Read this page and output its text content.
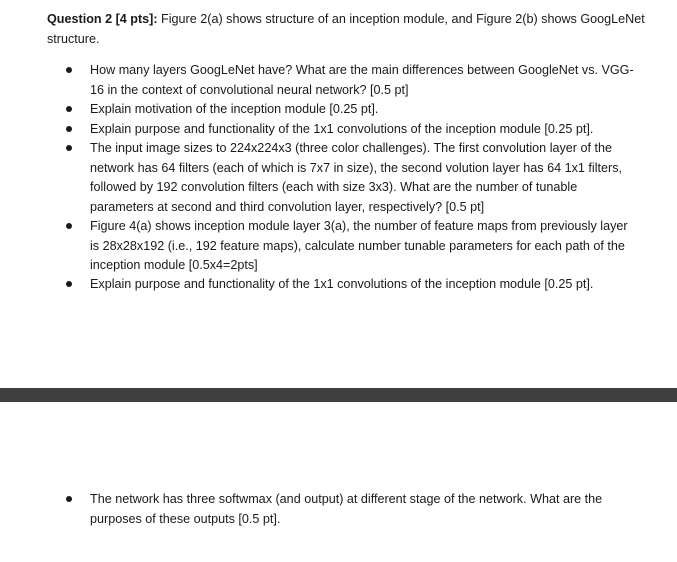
Question 2 [4 pts]: Figure 2(a) shows structure of an inception module, and Figure 2(b) shows GoogLeNet structure.
How many layers GoogLeNet have? What are the main differences between GoogleNet vs. VGG-16 in the context of convolutional neural network? [0.5 pt]
Explain motivation of the inception module [0.25 pt].
Explain purpose and functionality of the 1x1 convolutions of the inception module [0.25 pt].
The input image sizes to 224x224x3 (three color challenges). The first convolution layer of the network has 64 filters (each of which is 7x7 in size), the second volution layer has 64 1x1 filters, followed by 192 convolution filters (each with size 3x3). What are the number of tunable parameters at second and third convolution layer, respectively? [0.5 pt]
Figure 4(a) shows inception module layer 3(a), the number of feature maps from previously layer is 28x28x192 (i.e., 192 feature maps), calculate number tunable parameters for each path of the inception module [0.5x4=2pts]
Explain purpose and functionality of the 1x1 convolutions of the inception module [0.25 pt].
The network has three softwmax (and output) at different stage of the network. What are the purposes of these outputs [0.5 pt].
